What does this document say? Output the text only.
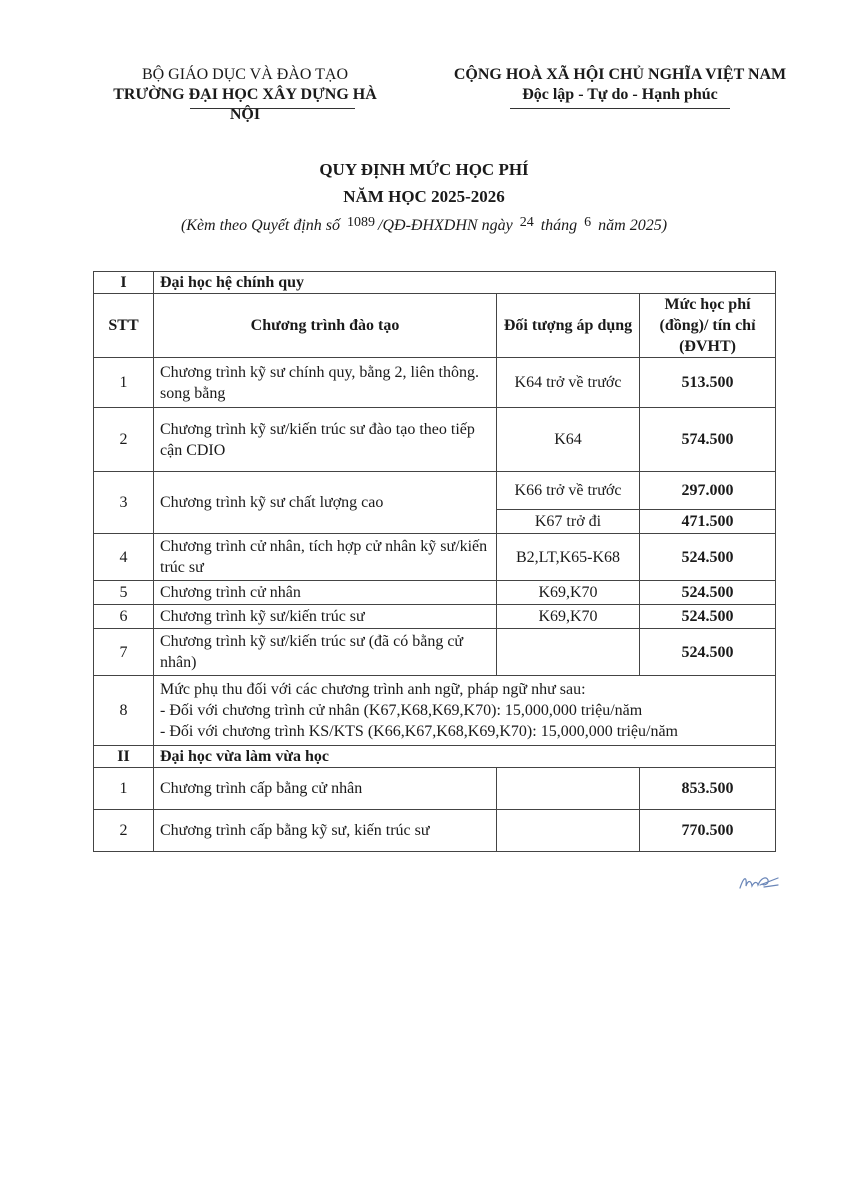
BỘ GIÁO DỤC VÀ ĐÀO TẠO
TRƯỜNG ĐẠI HỌC XÂY DỰNG HÀ NỘI
CỘNG HOÀ XÃ HỘI CHỦ NGHĨA VIỆT NAM
Độc lập - Tự do - Hạnh phúc
QUY ĐỊNH MỨC HỌC PHÍ
NĂM HỌC 2025-2026
(Kèm theo Quyết định số 1089 /QĐ-ĐHXDHN ngày 24 tháng 6 năm 2025)
I	Đại học hệ chính quy		
STT	Chương trình đào tạo	Đối tượng áp dụng	Mức học phí (đồng)/ tín chỉ (ĐVHT)
1	Chương trình kỹ sư chính quy, bằng 2, liên thông. song bằng	K64 trở về trước	513.500
2	Chương trình kỹ sư/kiến trúc sư đào tạo theo tiếp cận CDIO	K64	574.500
3	Chương trình kỹ sư chất lượng cao	K66 trở về trước	297.000
		K67 trở đi	471.500
4	Chương trình cử nhân, tích hợp cử nhân kỹ sư/kiến trúc sư	B2,LT,K65-K68	524.500
5	Chương trình cử nhân	K69,K70	524.500
6	Chương trình kỹ sư/kiến trúc sư	K69,K70	524.500
7	Chương trình kỹ sư/kiến trúc sư (đã có bằng cử nhân)		524.500
8	Mức phụ thu đối với các chương trình anh ngữ, pháp ngữ như sau:
- Đối với chương trình cử nhân (K67,K68,K69,K70): 15,000,000 triệu/năm
- Đối với chương trình KS/KTS (K66,K67,K68,K69,K70): 15,000,000 triệu/năm		

II	Đại học vừa làm vừa học		
1	Chương trình cấp bằng cử nhân		853.500
2	Chương trình cấp bằng kỹ sư, kiến trúc sư		770.500
